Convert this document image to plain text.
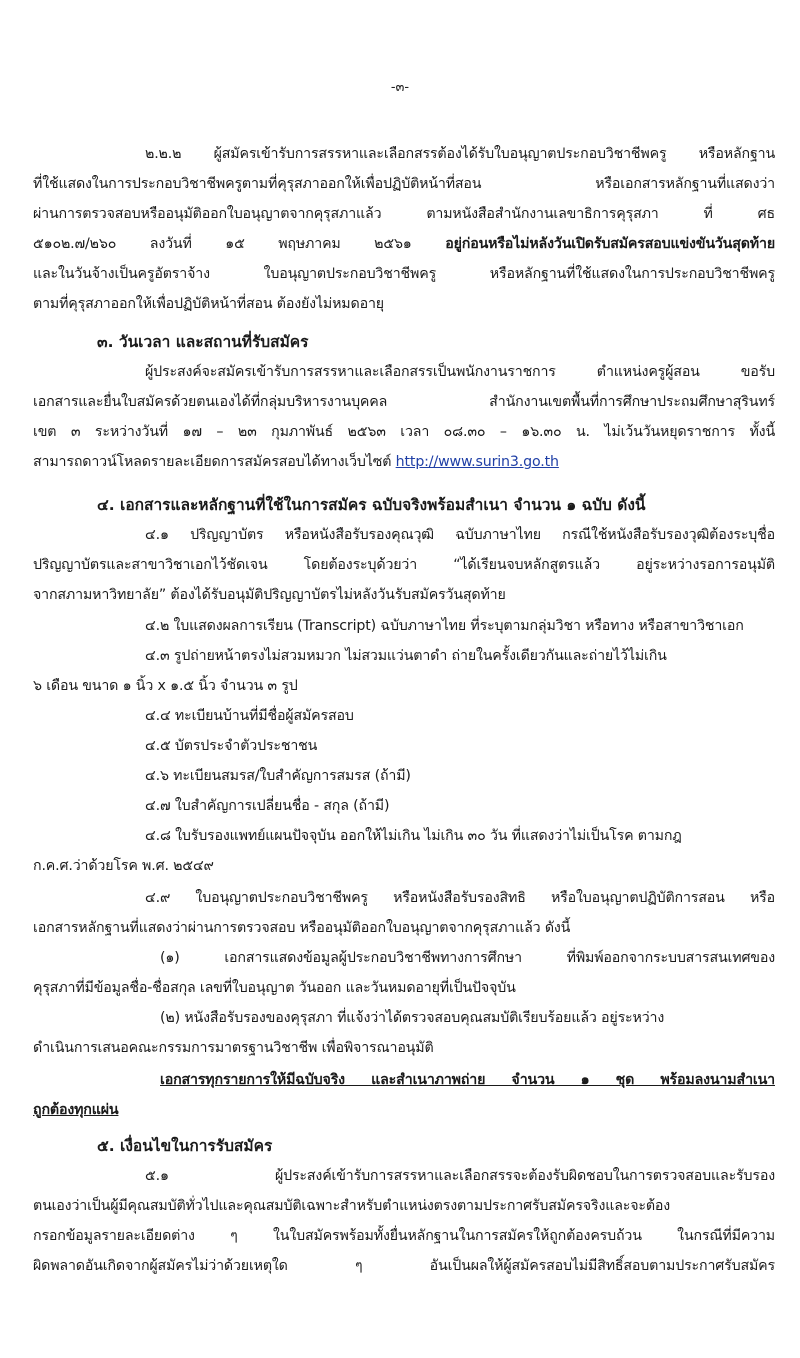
-๓-
๒.๒.๒ ผู้สมัครเข้ารับการสรรหาและเลือกสรรต้องได้รับใบอนุญาตประกอบวิชาชีพครู หรือหลักฐาน
ที่ใช้แสดงในการประกอบวิชาชีพครูตามที่คุรุสภาออกให้เพื่อปฏิบัติหน้าที่สอน หรือเอกสารหลักฐานที่แสดงว่า
ผ่านการตรวจสอบหรืออนุมัติออกใบอนุญาตจากคุรุสภาแล้ว ตามหนังสือสำนักงานเลขาธิการคุรุสภา ที่ ศธ
๕๑๐๒.๗/๒๖๐ ลงวันที่ ๑๕ พฤษภาคม ๒๕๖๑ อยู่ก่อนหรือไม่หลังวันเปิดรับสมัครสอบแข่งขันวันสุดท้าย
และในวันจ้างเป็นครูอัตราจ้าง ใบอนุญาตประกอบวิชาชีพครู หรือหลักฐานที่ใช้แสดงในการประกอบวิชาชีพครู
ตามที่คุรุสภาออกให้เพื่อปฏิบัติหน้าที่สอน ต้องยังไม่หมดอายุ
๓. วันเวลา และสถานที่รับสมัคร
ผู้ประสงค์จะสมัครเข้ารับการสรรหาและเลือกสรรเป็นพนักงานราชการ ตำแหน่งครูผู้สอน ขอรับ
เอกสารและยื่นใบสมัครด้วยตนเองได้ที่กลุ่มบริหารงานบุคคล สำนักงานเขตพื้นที่การศึกษาประถมศึกษาสุรินทร์
เขต ๓ ระหว่างวันที่ ๑๗ – ๒๓ กุมภาพันธ์ ๒๕๖๓ เวลา ๐๘.๓๐ – ๑๖.๓๐ น. ไม่เว้นวันหยุดราชการ ทั้งนี้
สามารถดาวน์โหลดรายละเอียดการสมัครสอบได้ทางเว็บไซต์ http://www.surin3.go.th
๔. เอกสารและหลักฐานที่ใช้ในการสมัคร ฉบับจริงพร้อมสำเนา จำนวน ๑ ฉบับ ดังนี้
๔.๑ ปริญญาบัตร หรือหนังสือรับรองคุณวุฒิ ฉบับภาษาไทย กรณีใช้หนังสือรับรองวุฒิต้องระบุชื่อ
ปริญญาบัตรและสาขาวิชาเอกไว้ชัดเจน โดยต้องระบุด้วยว่า “ได้เรียนจบหลักสูตรแล้ว อยู่ระหว่างรอการอนุมัติ
จากสภามหาวิทยาลัย” ต้องได้รับอนุมัติปริญญาบัตรไม่หลังวันรับสมัครวันสุดท้าย
๔.๒ ใบแสดงผลการเรียน (Transcript) ฉบับภาษาไทย ที่ระบุตามกลุ่มวิชา หรือทาง หรือสาขาวิชาเอก
๔.๓ รูปถ่ายหน้าตรงไม่สวมหมวก ไม่สวมแว่นตาดำ ถ่ายในครั้งเดียวกันและถ่ายไว้ไม่เกิน
๖ เดือน ขนาด ๑ นิ้ว x ๑.๕ นิ้ว จำนวน ๓ รูป
๔.๔ ทะเบียนบ้านที่มีชื่อผู้สมัครสอบ
๔.๕ บัตรประจำตัวประชาชน
๔.๖ ทะเบียนสมรส/ใบสำคัญการสมรส (ถ้ามี)
๔.๗ ใบสำคัญการเปลี่ยนชื่อ - สกุล (ถ้ามี)
๔.๘ ใบรับรองแพทย์แผนปัจจุบัน ออกให้ไม่เกิน ไม่เกิน ๓๐ วัน ที่แสดงว่าไม่เป็นโรค ตามกฎ
ก.ค.ศ.ว่าด้วยโรค พ.ศ. ๒๕๔๙
๔.๙ ใบอนุญาตประกอบวิชาชีพครู หรือหนังสือรับรองสิทธิ หรือใบอนุญาตปฏิบัติการสอน หรือ
เอกสารหลักฐานที่แสดงว่าผ่านการตรวจสอบ หรืออนุมัติออกใบอนุญาตจากคุรุสภาแล้ว ดังนี้
(๑) เอกสารแสดงข้อมูลผู้ประกอบวิชาชีพทางการศึกษา ที่พิมพ์ออกจากระบบสารสนเทศของ
คุรุสภาที่มีข้อมูลชื่อ-ชื่อสกุล เลขที่ใบอนุญาต วันออก และวันหมดอายุที่เป็นปัจจุบัน
(๒) หนังสือรับรองของคุรุสภา ที่แจ้งว่าได้ตรวจสอบคุณสมบัติเรียบร้อยแล้ว อยู่ระหว่าง
ดำเนินการเสนอคณะกรรมการมาตรฐานวิชาชีพ เพื่อพิจารณาอนุมัติ
เอกสารทุกรายการให้มีฉบับจริง และสำเนาภาพถ่าย จำนวน ๑ ชุด พร้อมลงนามสำเนา
ถูกต้องทุกแผ่น
๕. เงื่อนไขในการรับสมัคร
๕.๑ ผู้ประสงค์เข้ารับการสรรหาและเลือกสรรจะต้องรับผิดชอบในการตรวจสอบและรับรอง
ตนเองว่าเป็นผู้มีคุณสมบัติทั่วไปและคุณสมบัติเฉพาะสำหรับตำแหน่งตรงตามประกาศรับสมัครจริงและจะต้อง
กรอกข้อมูลรายละเอียดต่าง ๆ ในใบสมัครพร้อมทั้งยื่นหลักฐานในการสมัครให้ถูกต้องครบถ้วน ในกรณีที่มีความ
ผิดพลาดอันเกิดจากผู้สมัครไม่ว่าด้วยเหตุใด ๆ อันเป็นผลให้ผู้สมัครสอบไม่มีสิทธิ์สอบตามประกาศรับสมัคร
